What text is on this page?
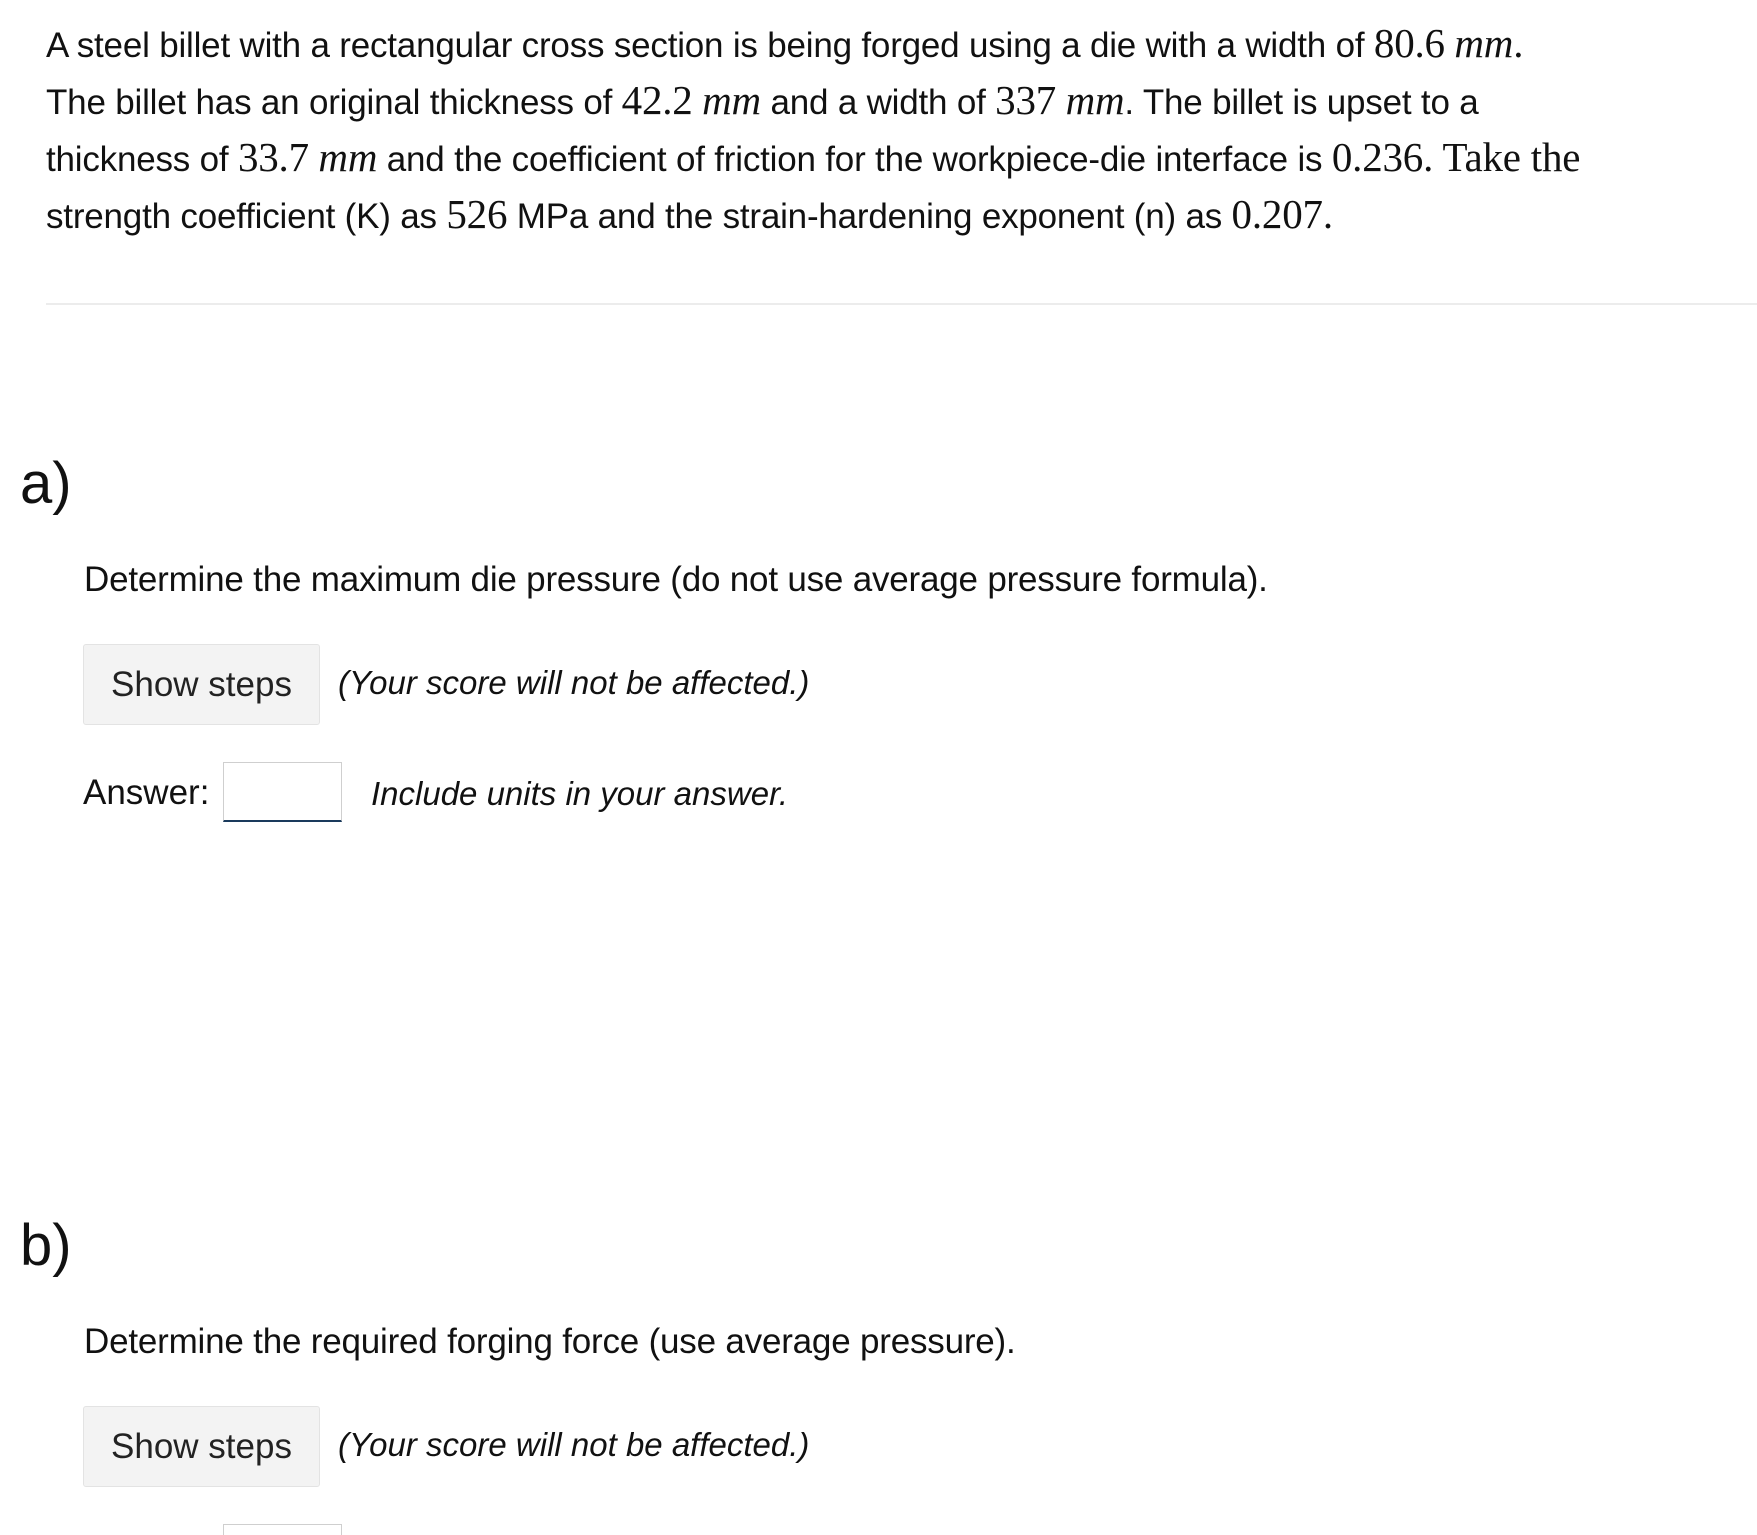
A steel billet with a rectangular cross section is being forged using a die with a width of 80.6 mm.
The billet has an original thickness of 42.2 mm and a width of 337 mm. The billet is upset to a
thickness of 33.7 mm and the coefficient of friction for the workpiece-die interface is 0.236. Take the
strength coefficient (K) as 526 MPa and the strain-hardening exponent (n) as 0.207.

a)
Determine the maximum die pressure (do not use average pressure formula).
Show steps	(Your score will not be affected.)
Answer:	Include units in your answer.
b)
Determine the required forging force (use average pressure).
Show steps	(Your score will not be affected.)
